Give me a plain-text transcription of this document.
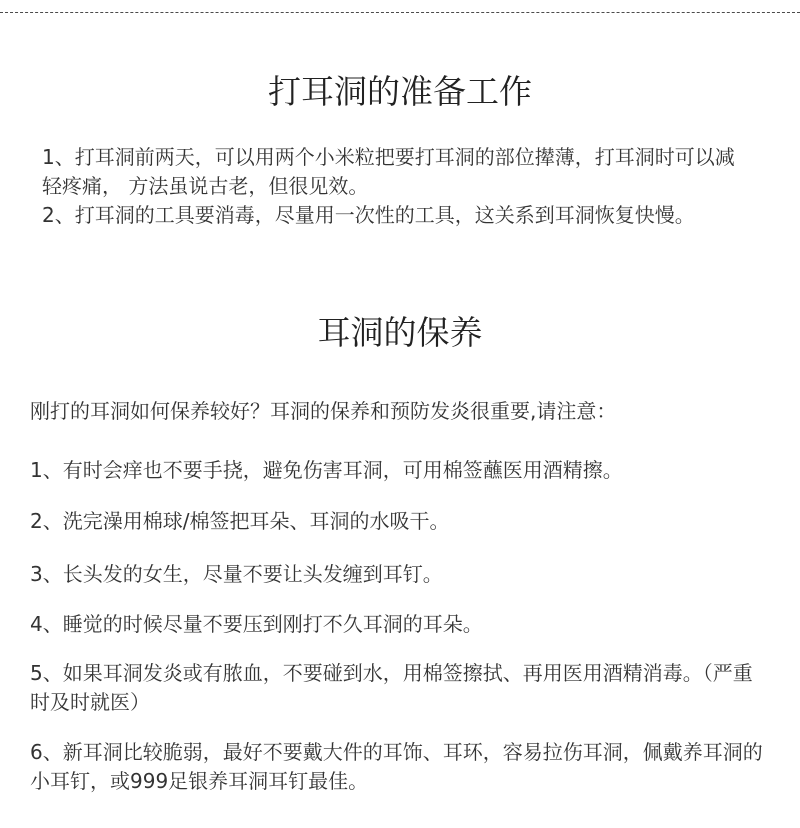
打耳洞的准备工作

1、打耳洞前两天，可以用两个小米粒把要打耳洞的部位撵薄，打耳洞时可以减轻疼痛， 方法虽说古老，但很见效。

2、打耳洞的工具要消毒，尽量用一次性的工具，这关系到耳洞恢复快慢。

耳洞的保养

刚打的耳洞如何保养较好？耳洞的保养和预防发炎很重要,请注意：

1、有时会痒也不要手挠，避免伤害耳洞，可用棉签蘸医用酒精擦。

2、洗完澡用棉球/棉签把耳朵、耳洞的水吸干。

3、长头发的女生，尽量不要让头发缠到耳钉。

4、睡觉的时候尽量不要压到刚打不久耳洞的耳朵。

5、如果耳洞发炎或有脓血，不要碰到水，用棉签擦拭、再用医用酒精消毒。（严重时及时就医）

6、新耳洞比较脆弱，最好不要戴大件的耳饰、耳环，容易拉伤耳洞，佩戴养耳洞的小耳钉，或999足银养耳洞耳钉最佳。
